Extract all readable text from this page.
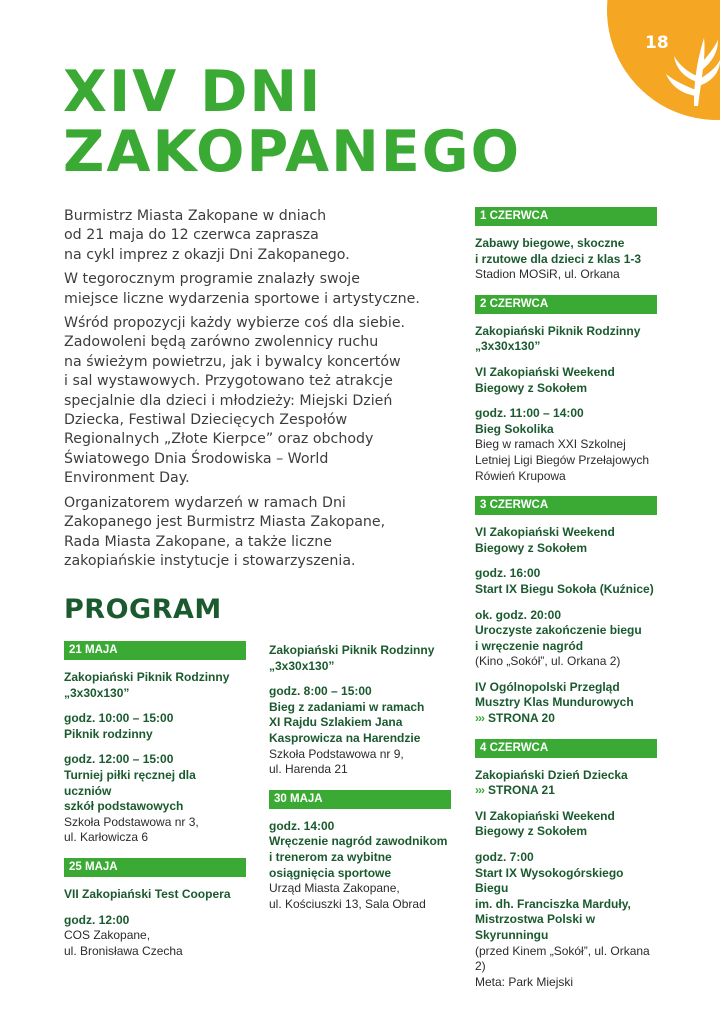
18
XIV DNI
ZAKOPANEGO

Burmistrz Miasta Zakopane w dniach
od 21 maja do 12 czerwca zaprasza
na cykl imprez z okazji Dni Zakopanego.

W tegorocznym programie znalazły swoje
miejsce liczne wydarzenia sportowe i artystyczne.

Wśród propozycji każdy wybierze coś dla siebie.
Zadowoleni będą zarówno zwolennicy ruchu
na świeżym powietrzu, jak i bywalcy koncertów
i sal wystawowych. Przygotowano też atrakcje
specjalnie dla dzieci i młodzieży: Miejski Dzień
Dziecka, Festiwal Dziecięcych Zespołów
Regionalnych „Złote Kierpce” oraz obchody
Światowego Dnia Środowiska – World
Environment Day.

Organizatorem wydarzeń w ramach Dni
Zakopanego jest Burmistrz Miasta Zakopane,
Rada Miasta Zakopane, a także liczne
zakopiańskie instytucje i stowarzyszenia.

PROGRAM
21 MAJA
Zakopiański Piknik Rodzinny
„3x30x130”
godz. 10:00 – 15:00
Piknik rodzinny
godz. 12:00 – 15:00
Turniej piłki ręcznej dla uczniów
szkół podstawowych
Szkoła Podstawowa nr 3,
ul. Karłowicza 6
25 MAJA
VII Zakopiański Test Coopera
godz. 12:00
COS Zakopane,
ul. Bronisława Czecha
Zakopiański Piknik Rodzinny
„3x30x130”
godz. 8:00 – 15:00
Bieg z zadaniami w ramach
XI Rajdu Szlakiem Jana
Kasprowicza na Harendzie
Szkoła Podstawowa nr 9,
ul. Harenda 21
30 MAJA
godz. 14:00
Wręczenie nagród zawodnikom
i trenerom za wybitne
osiągnięcia sportowe
Urząd Miasta Zakopane,
ul. Kościuszki 13, Sala Obrad
1 CZERWCA
Zabawy biegowe, skoczne
i rzutowe dla dzieci z klas 1-3
Stadion MOSiR, ul. Orkana
2 CZERWCA
Zakopiański Piknik Rodzinny
„3x30x130”
VI Zakopiański Weekend
Biegowy z Sokołem
godz. 11:00 – 14:00
Bieg Sokolika
Bieg w ramach XXI Szkolnej
Letniej Ligi Biegów Przełajowych
Rówień Krupowa
3 CZERWCA
VI Zakopiański Weekend
Biegowy z Sokołem
godz. 16:00
Start IX Biegu Sokoła (Kuźnice)
ok. godz. 20:00
Uroczyste zakończenie biegu
i wręczenie nagród
(Kino „Sokół”, ul. Orkana 2)
IV Ogólnopolski Przegląd
Musztry Klas Mundurowych
››› STRONA 20
4 CZERWCA
Zakopiański Dzień Dziecka
››› STRONA 21
VI Zakopiański Weekend
Biegowy z Sokołem
godz. 7:00
Start IX Wysokogórskiego Biegu
im. dh. Franciszka Marduły,
Mistrzostwa Polski w Skyrunningu
(przed Kinem „Sokół”, ul. Orkana 2)
Meta: Park Miejski
